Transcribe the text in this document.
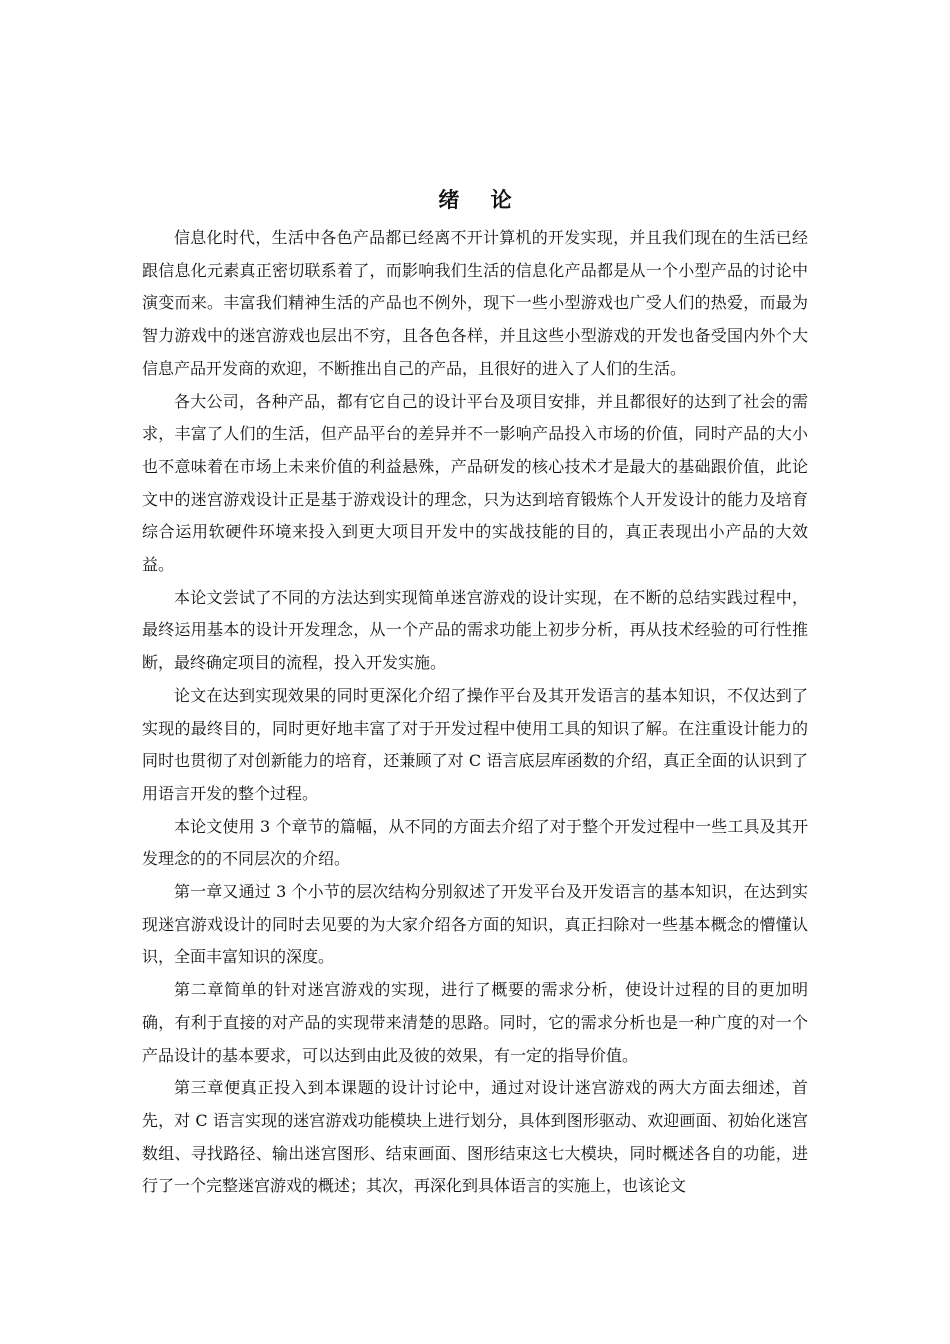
绪 论

信息化时代，生活中各色产品都已经离不开计算机的开发实现，并且我们现在的生活已经跟信息化元素真正密切联系着了，而影响我们生活的信息化产品都是从一个小型产品的讨论中演变而来。丰富我们精神生活的产品也不例外，现下一些小型游戏也广受人们的热爱，而最为智力游戏中的迷宫游戏也层出不穷，且各色各样，并且这些小型游戏的开发也备受国内外个大信息产品开发商的欢迎，不断推出自己的产品，且很好的进入了人们的生活。

各大公司，各种产品，都有它自己的设计平台及项目安排，并且都很好的达到了社会的需求，丰富了人们的生活，但产品平台的差异并不一影响产品投入市场的价值，同时产品的大小也不意味着在市场上未来价值的利益悬殊，产品研发的核心技术才是最大的基础跟价值，此论文中的迷宫游戏设计正是基于游戏设计的理念，只为达到培育锻炼个人开发设计的能力及培育综合运用软硬件环境来投入到更大项目开发中的实战技能的目的，真正表现出小产品的大效益。

本论文尝试了不同的方法达到实现简单迷宫游戏的设计实现，在不断的总结实践过程中，最终运用基本的设计开发理念，从一个产品的需求功能上初步分析，再从技术经验的可行性推断，最终确定项目的流程，投入开发实施。

论文在达到实现效果的同时更深化介绍了操作平台及其开发语言的基本知识，不仅达到了实现的最终目的，同时更好地丰富了对于开发过程中使用工具的知识了解。在注重设计能力的同时也贯彻了对创新能力的培育，还兼顾了对 C 语言底层库函数的介绍，真正全面的认识到了用语言开发的整个过程。

本论文使用 3 个章节的篇幅，从不同的方面去介绍了对于整个开发过程中一些工具及其开发理念的的不同层次的介绍。

第一章又通过 3 个小节的层次结构分别叙述了开发平台及开发语言的基本知识，在达到实现迷宫游戏设计的同时去见要的为大家介绍各方面的知识，真正扫除对一些基本概念的懵懂认识，全面丰富知识的深度。

第二章简单的针对迷宫游戏的实现，进行了概要的需求分析，使设计过程的目的更加明确，有利于直接的对产品的实现带来清楚的思路。同时，它的需求分析也是一种广度的对一个产品设计的基本要求，可以达到由此及彼的效果，有一定的指导价值。

第三章便真正投入到本课题的设计讨论中，通过对设计迷宫游戏的两大方面去细述，首先，对 C 语言实现的迷宫游戏功能模块上进行划分，具体到图形驱动、欢迎画面、初始化迷宫数组、寻找路径、输出迷宫图形、结束画面、图形结束这七大模块，同时概述各自的功能，进行了一个完整迷宫游戏的概述；其次，再深化到具体语言的实施上，也该论文
